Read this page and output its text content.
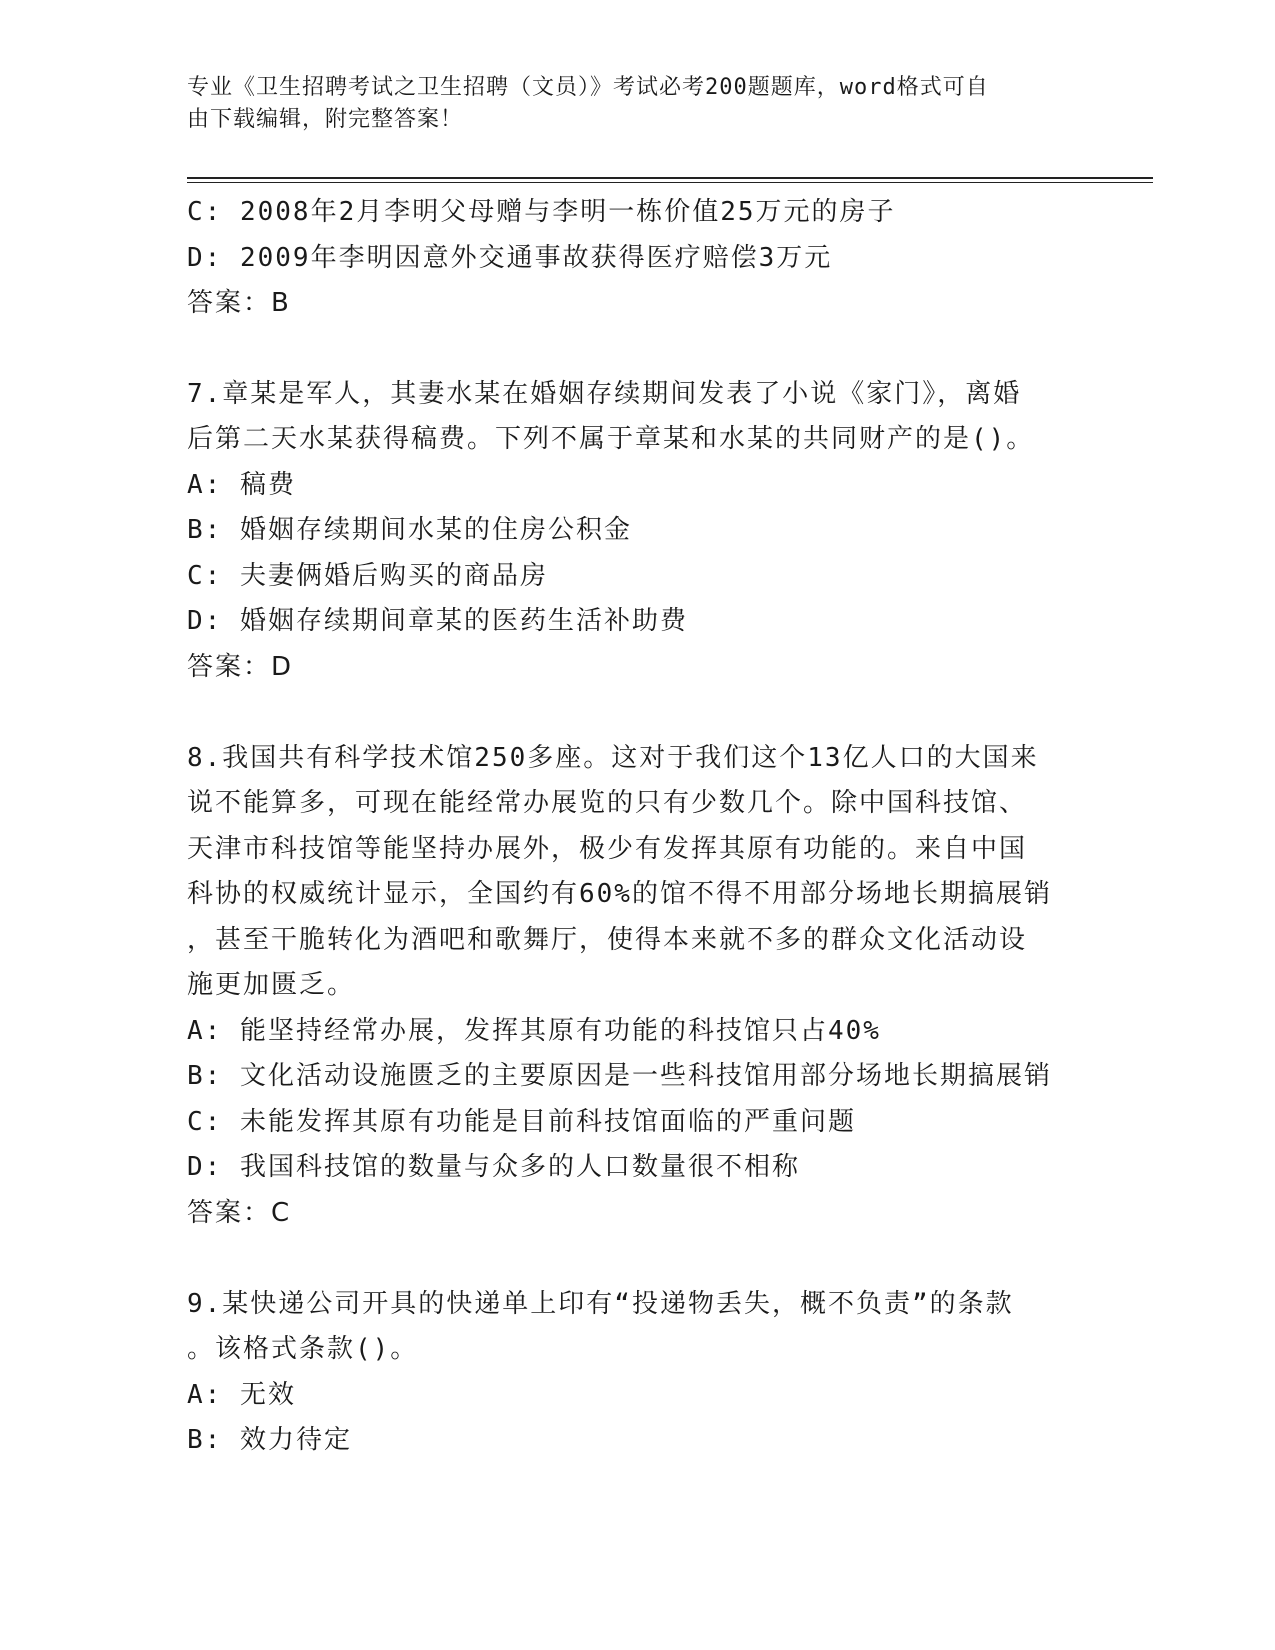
专业《卫生招聘考试之卫生招聘（文员）》考试必考200题题库，word格式可自
由下载编辑，附完整答案！
C: 2008年2月李明父母赠与李明一栋价值25万元的房子
D: 2009年李明因意外交通事故获得医疗赔偿3万元
答案：B
7.章某是军人，其妻水某在婚姻存续期间发表了小说《家门》，离婚
后第二天水某获得稿费。下列不属于章某和水某的共同财产的是()。
A: 稿费
B: 婚姻存续期间水某的住房公积金
C: 夫妻俩婚后购买的商品房
D: 婚姻存续期间章某的医药生活补助费
答案：D
8.我国共有科学技术馆250多座。这对于我们这个13亿人口的大国来
说不能算多，可现在能经常办展览的只有少数几个。除中国科技馆、
天津市科技馆等能坚持办展外，极少有发挥其原有功能的。来自中国
科协的权威统计显示，全国约有60%的馆不得不用部分场地长期搞展销
，甚至干脆转化为酒吧和歌舞厅，使得本来就不多的群众文化活动设
施更加匮乏。
A: 能坚持经常办展，发挥其原有功能的科技馆只占40%
B: 文化活动设施匮乏的主要原因是一些科技馆用部分场地长期搞展销
C: 未能发挥其原有功能是目前科技馆面临的严重问题
D: 我国科技馆的数量与众多的人口数量很不相称
答案：C
9.某快递公司开具的快递单上印有“投递物丢失，概不负责”的条款
。该格式条款()。
A: 无效
B: 效力待定
